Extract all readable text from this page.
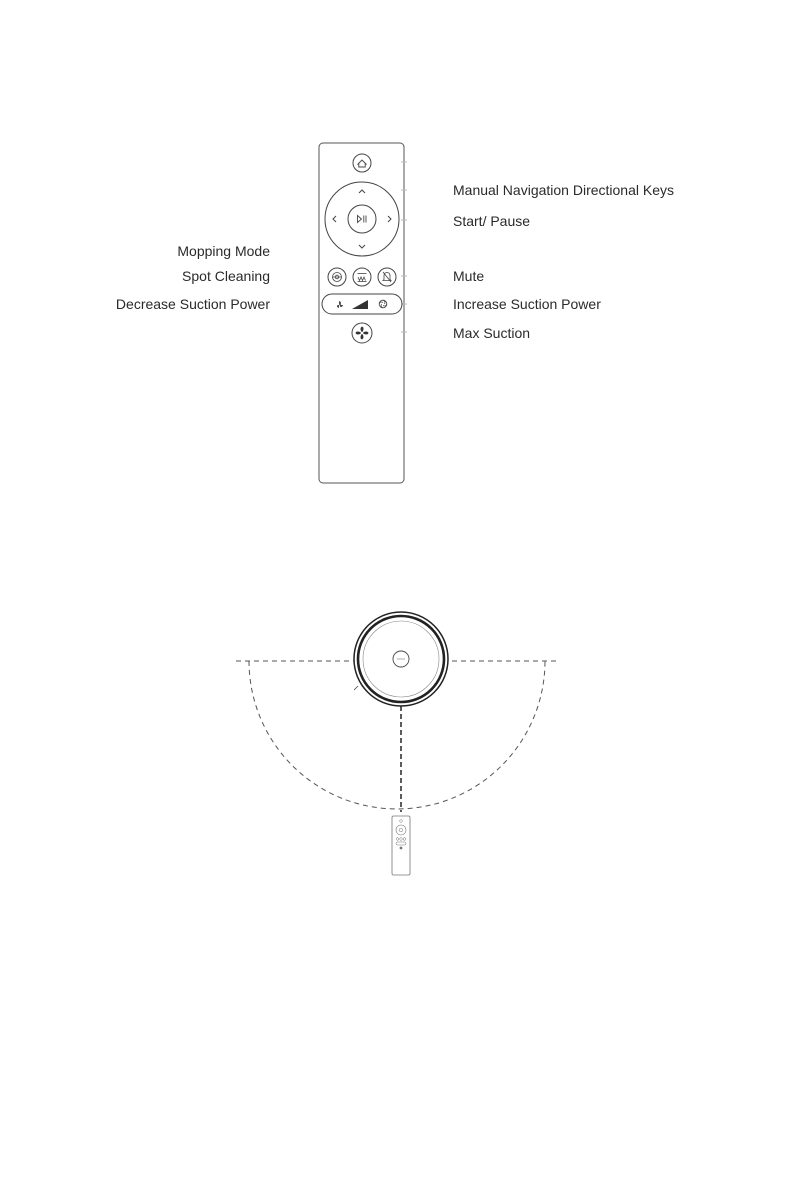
Mopping Mode
Spot Cleaning
Decrease Suction Power
Manual Navigation Directional Keys
Start/ Pause
Mute
Increase Suction Power
Max Suction
